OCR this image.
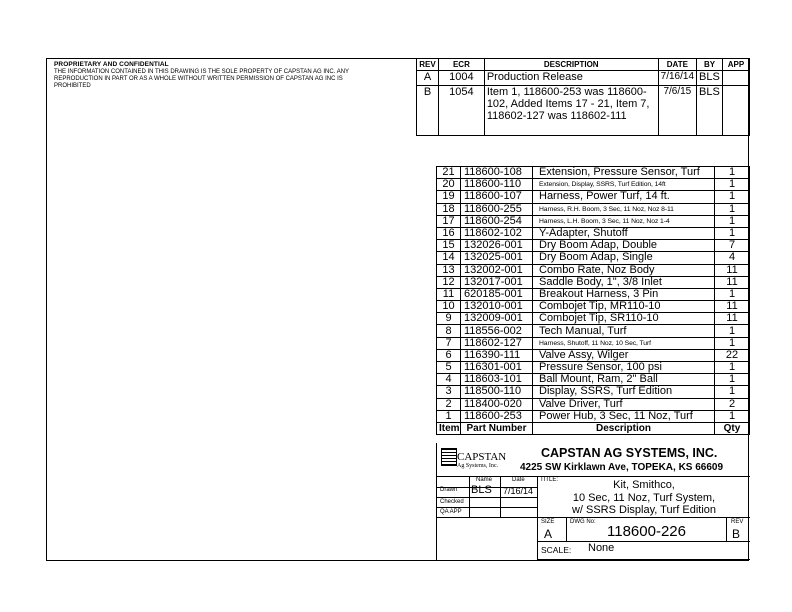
PROPRIETARY AND CONFIDENTIAL
THE INFORMATION CONTAINED IN THIS DRAWING IS THE SOLE PROPERTY OF CAPSTAN AG INC. ANY REPRODUCTION IN PART OR AS A WHOLE WITHOUT WRITTEN PERMISSION OF CAPSTAN AG INC IS PROHIBITED
REV	ECR	DESCRIPTION	DATE	BY	APP
A	1004	Production Release	7/16/14	BLS	
B	1054	Item 1, 118600-253 was 118600-102, Added Items 17 - 21, Item 7, 118602-127 was 118602-111	7/6/15	BLS	
21	118600-108	Extension, Pressure Sensor, Turf	1
20	118600-110	Extension, Display, SSRS, Turf Edition, 14ft	1
19	118600-107	Harness, Power Turf, 14 ft.	1
18	118600-255	Harness, R.H. Boom, 3 Sec, 11 Noz, Noz 8-11	1
17	118600-254	Harness, L.H. Boom, 3 Sec, 11 Noz, Noz 1-4	1
16	118602-102	Y-Adapter, Shutoff	1
15	132026-001	Dry Boom Adap, Double	7
14	132025-001	Dry Boom Adap, Single	4
13	132002-001	Combo Rate, Noz Body	11
12	132017-001	Saddle Body, 1", 3/8 Inlet	11
11	620185-001	Breakout Harness, 3 Pin	1
10	132010-001	Combojet Tip, MR110-10	11
9	132009-001	Combojet Tip, SR110-10	11
8	118556-002	Tech Manual, Turf	1
7	118602-127	Harness, Shutoff, 11 Noz, 10 Sec, Turf	1
6	116390-111	Valve Assy, Wilger	22
5	116301-001	Pressure Sensor, 100 psi	1
4	118603-101	Ball Mount, Ram, 2" Ball	1
3	118500-110	Display, SSRS, Turf Edition	1
2	118400-020	Valve Driver, Turf	2
1	118600-253	Power Hub, 3 Sec, 11 Noz, Turf	1
Item	Part Number	Description	Qty
CAPSTAN
Ag Systems, Inc.
CAPSTAN AG SYSTEMS, INC.
4225 SW Kirklawn Ave, TOPEKA, KS 66609
Name	Date
Drawn BLS 7/16/14
Checked
QA APP
TITLE:	Kit, Smithco,
10 Sec, 11 Noz, Turf System,
w/ SSRS Display, Turf Edition
SIZE
A
DWG No:
118600-226
REV
B
SCALE: None
